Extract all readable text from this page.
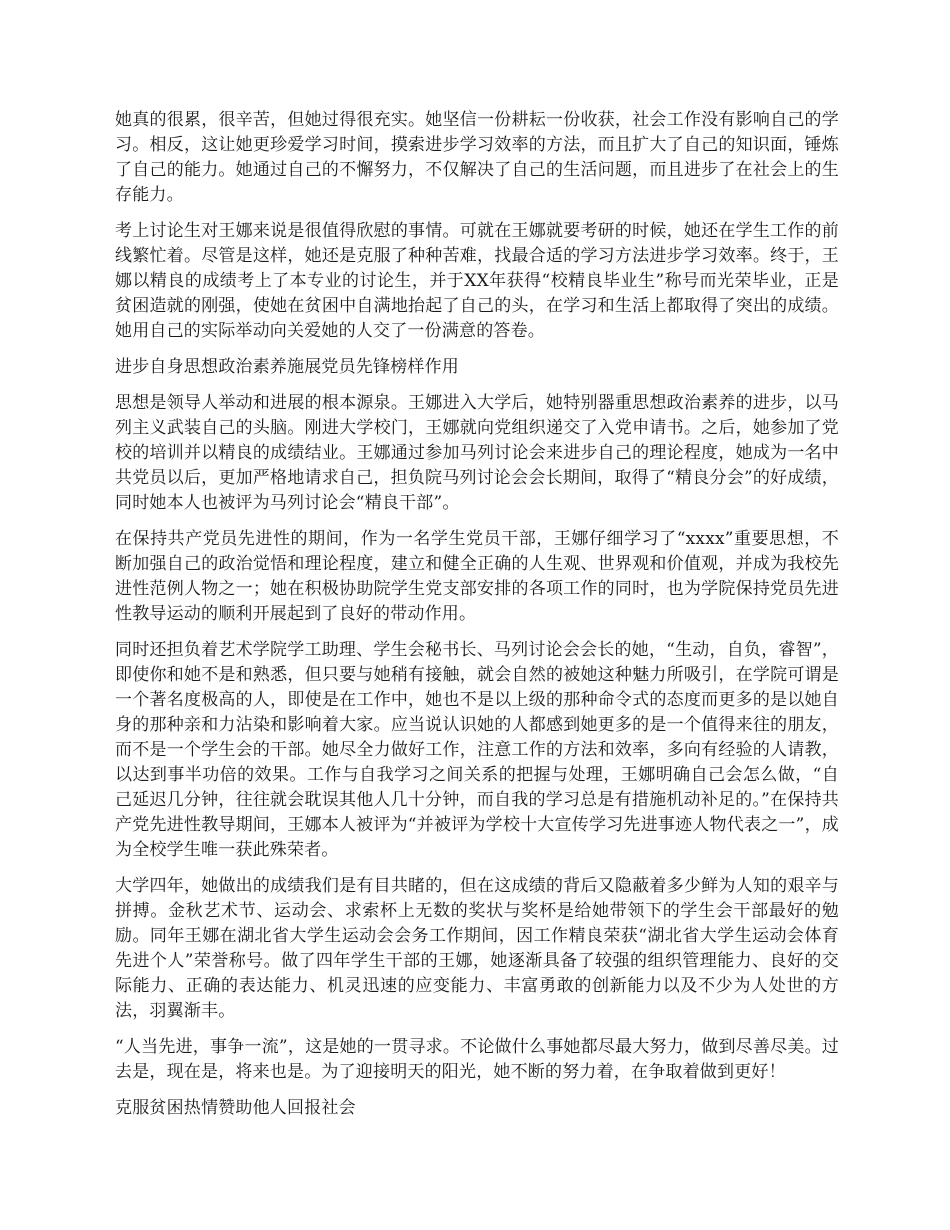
她真的很累，很辛苦，但她过得很充实。她坚信一份耕耘一份收获，社会工作没有影响自己的学习。相反，这让她更珍爱学习时间，摸索进步学习效率的方法，而且扩大了自己的知识面，锤炼了自己的能力。她通过自己的不懈努力，不仅解决了自己的生活问题，而且进步了在社会上的生存能力。

考上讨论生对王娜来说是很值得欣慰的事情。可就在王娜就要考研的时候，她还在学生工作的前线繁忙着。尽管是这样，她还是克服了种种苦难，找最合适的学习方法进步学习效率。终于，王娜以精良的成绩考上了本专业的讨论生，并于XX年获得“校精良毕业生”称号而光荣毕业，正是贫困造就的刚强，使她在贫困中自满地抬起了自己的头，在学习和生活上都取得了突出的成绩。她用自己的实际举动向关爱她的人交了一份满意的答卷。

进步自身思想政治素养施展党员先锋榜样作用

思想是领导人举动和进展的根本源泉。王娜进入大学后，她特别器重思想政治素养的进步，以马列主义武装自己的头脑。刚进大学校门，王娜就向党组织递交了入党申请书。之后，她参加了党校的培训并以精良的成绩结业。王娜通过参加马列讨论会来进步自己的理论程度，她成为一名中共党员以后，更加严格地请求自己，担负院马列讨论会会长期间，取得了“精良分会”的好成绩，同时她本人也被评为马列讨论会“精良干部”。

在保持共产党员先进性的期间，作为一名学生党员干部，王娜仔细学习了“xxxx”重要思想，不断加强自己的政治觉悟和理论程度，建立和健全正确的人生观、世界观和价值观，并成为我校先进性范例人物之一；她在积极协助院学生党支部安排的各项工作的同时，也为学院保持党员先进性教导运动的顺利开展起到了良好的带动作用。

同时还担负着艺术学院学工助理、学生会秘书长、马列讨论会会长的她，“生动，自负，睿智”，即使你和她不是和熟悉，但只要与她稍有接触，就会自然的被她这种魅力所吸引，在学院可谓是一个著名度极高的人，即使是在工作中，她也不是以上级的那种命令式的态度而更多的是以她自身的那种亲和力沾染和影响着大家。应当说认识她的人都感到她更多的是一个值得来往的朋友，而不是一个学生会的干部。她尽全力做好工作，注意工作的方法和效率，多向有经验的人请教，以达到事半功倍的效果。工作与自我学习之间关系的把握与处理，王娜明确自己会怎么做，“自己延迟几分钟，往往就会耽误其他人几十分钟，而自我的学习总是有措施机动补足的。”在保持共产党先进性教导期间，王娜本人被评为“并被评为学校十大宣传学习先进事迹人物代表之一”，成为全校学生唯一获此殊荣者。

大学四年，她做出的成绩我们是有目共睹的，但在这成绩的背后又隐蔽着多少鲜为人知的艰辛与拼搏。金秋艺术节、运动会、求索杯上无数的奖状与奖杯是给她带领下的学生会干部最好的勉励。同年王娜在湖北省大学生运动会会务工作期间，因工作精良荣获“湖北省大学生运动会体育先进个人”荣誉称号。做了四年学生干部的王娜，她逐渐具备了较强的组织管理能力、良好的交际能力、正确的表达能力、机灵迅速的应变能力、丰富勇敢的创新能力以及不少为人处世的方法，羽翼渐丰。

“人当先进，事争一流”，这是她的一贯寻求。不论做什么事她都尽最大努力，做到尽善尽美。过去是，现在是，将来也是。为了迎接明天的阳光，她不断的努力着，在争取着做到更好！

克服贫困热情赞助他人回报社会
